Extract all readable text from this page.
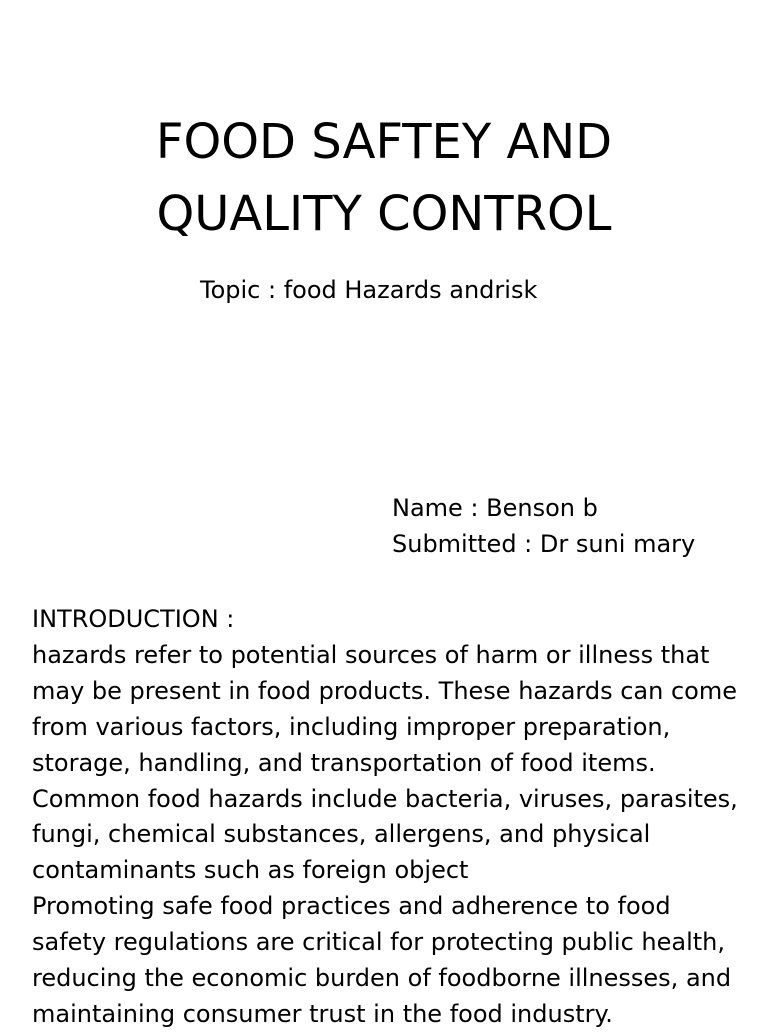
FOOD SAFTEY AND
QUALITY CONTROL
Topic : food Hazards andrisk
Name : Benson b
Submitted : Dr suni mary
INTRODUCTION :
hazards refer to potential sources of harm or illness that
may be present in food products. These hazards can come
from various factors, including improper preparation,
storage, handling, and transportation of food items.
Common food hazards include bacteria, viruses, parasites,
fungi, chemical substances, allergens, and physical
contaminants such as foreign object
Promoting safe food practices and adherence to food
safety regulations are critical for protecting public health,
reducing the economic burden of foodborne illnesses, and
maintaining consumer trust in the food industry.
